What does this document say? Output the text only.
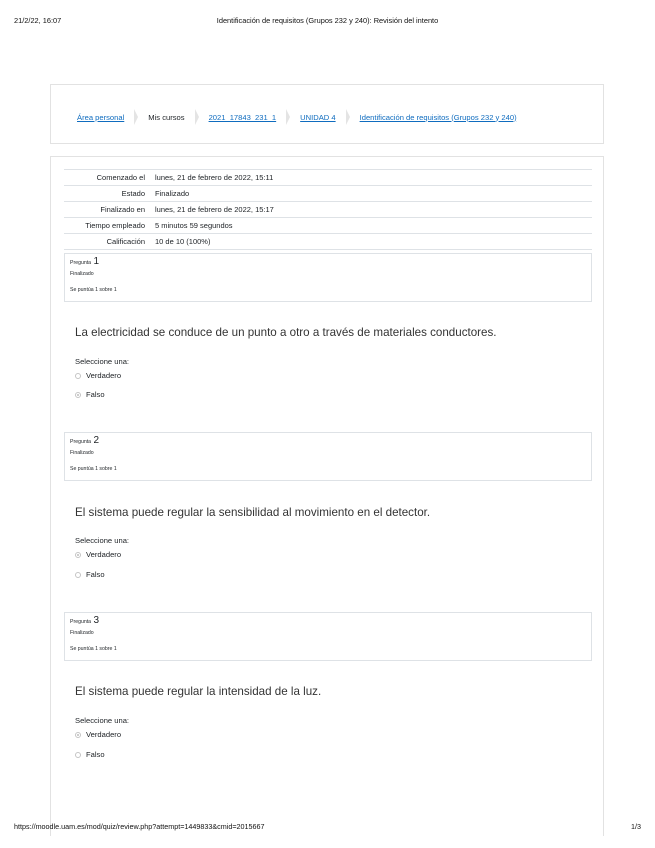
21/2/22, 16:07	Identificación de requisitos (Grupos 232 y 240): Revisión del intento
Área personal	Mis cursos	2021_17843_231_1	UNIDAD 4	Identificación de requisitos (Grupos 232 y 240)
Comenzado el	lunes, 21 de febrero de 2022, 15:11
Estado	Finalizado
Finalizado en	lunes, 21 de febrero de 2022, 15:17
Tiempo empleado	5 minutos 59 segundos
Calificación	10 de 10 (100%)
Pregunta 1
Finalizado
Se puntúa 1 sobre 1
La electricidad se conduce de un punto a otro a través de materiales conductores.
Seleccione una:
Verdadero
Falso
Pregunta 2
Finalizado
Se puntúa 1 sobre 1
El sistema puede regular la sensibilidad al movimiento en el detector.
Seleccione una:
Verdadero
Falso
Pregunta 3
Finalizado
Se puntúa 1 sobre 1
El sistema puede regular la intensidad de la luz.
Seleccione una:
Verdadero
Falso
https://moodle.uam.es/mod/quiz/review.php?attempt=1449833&cmid=2015667	1/3
